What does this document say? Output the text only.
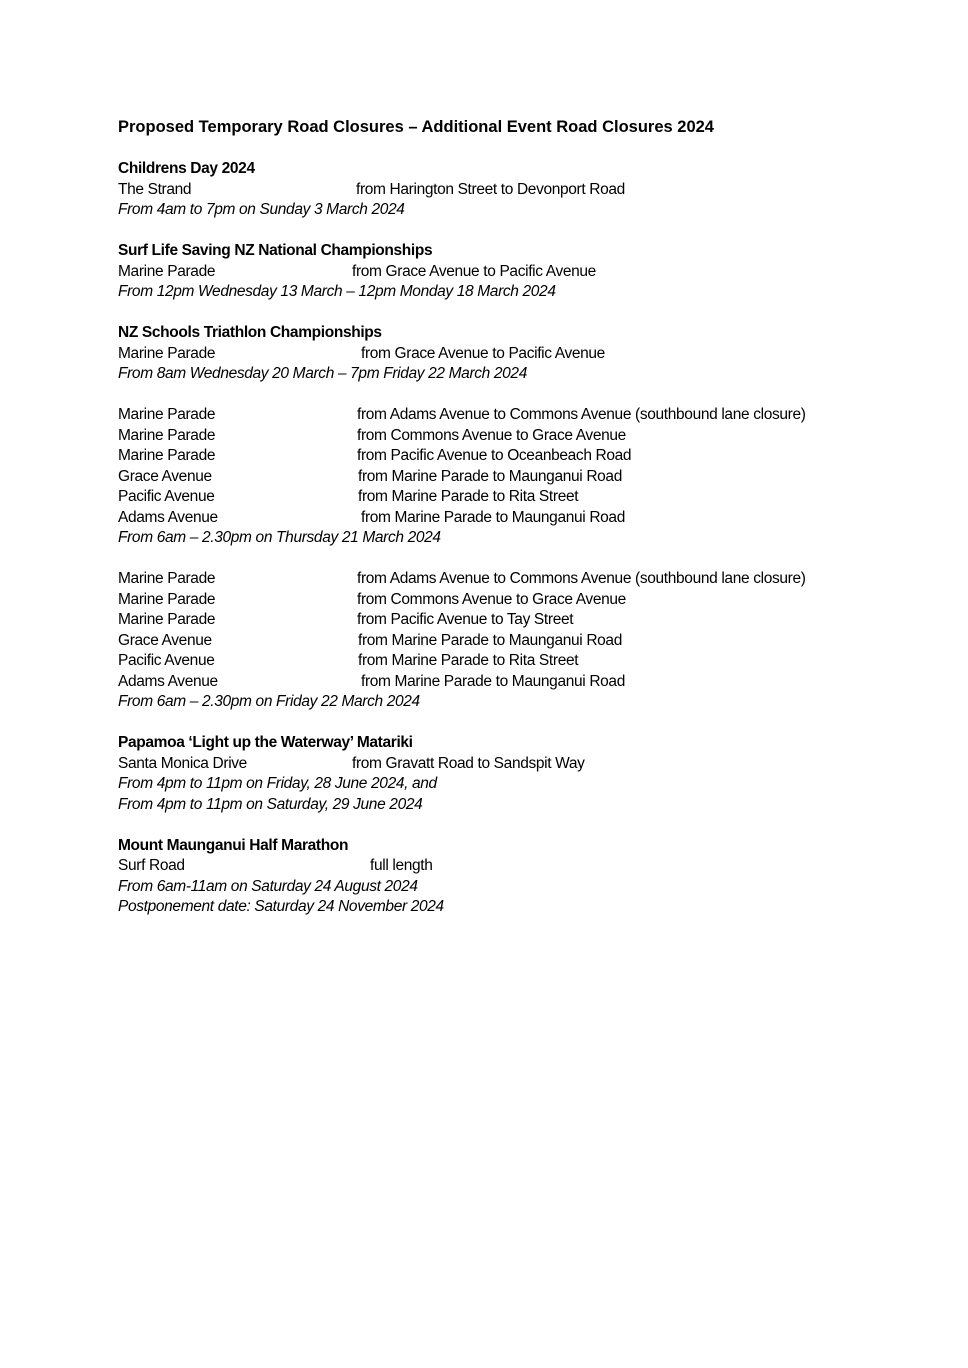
Proposed Temporary Road Closures – Additional Event Road Closures 2024
Childrens Day 2024
The Strand	from Harington Street to Devonport Road
From 4am to 7pm on Sunday 3 March 2024
Surf Life Saving NZ National Championships
Marine Parade	from Grace Avenue to Pacific Avenue
From 12pm Wednesday 13 March – 12pm Monday 18 March 2024
NZ Schools Triathlon Championships
Marine Parade	from Grace Avenue to Pacific Avenue
From 8am Wednesday 20 March – 7pm Friday 22 March 2024
Marine Parade	from Adams Avenue to Commons Avenue (southbound lane closure)
Marine Parade	from Commons Avenue to Grace Avenue
Marine Parade	from Pacific Avenue to Oceanbeach Road
Grace Avenue	from Marine Parade to Maunganui Road
Pacific Avenue	from Marine Parade to Rita Street
Adams Avenue	from Marine Parade to Maunganui Road
From 6am – 2.30pm on Thursday 21 March 2024
Marine Parade	from Adams Avenue to Commons Avenue (southbound lane closure)
Marine Parade	from Commons Avenue to Grace Avenue
Marine Parade	from Pacific Avenue to Tay Street
Grace Avenue	from Marine Parade to Maunganui Road
Pacific Avenue	from Marine Parade to Rita Street
Adams Avenue	from Marine Parade to Maunganui Road
From 6am – 2.30pm on Friday 22 March 2024
Papamoa ‘Light up the Waterway’ Matariki
Santa Monica Drive	from Gravatt Road to Sandspit Way
From 4pm to 11pm on Friday, 28 June 2024, and
From 4pm to 11pm on Saturday, 29 June 2024
Mount Maunganui Half Marathon
Surf Road	full length
From 6am-11am on Saturday 24 August 2024
Postponement date: Saturday 24 November 2024
